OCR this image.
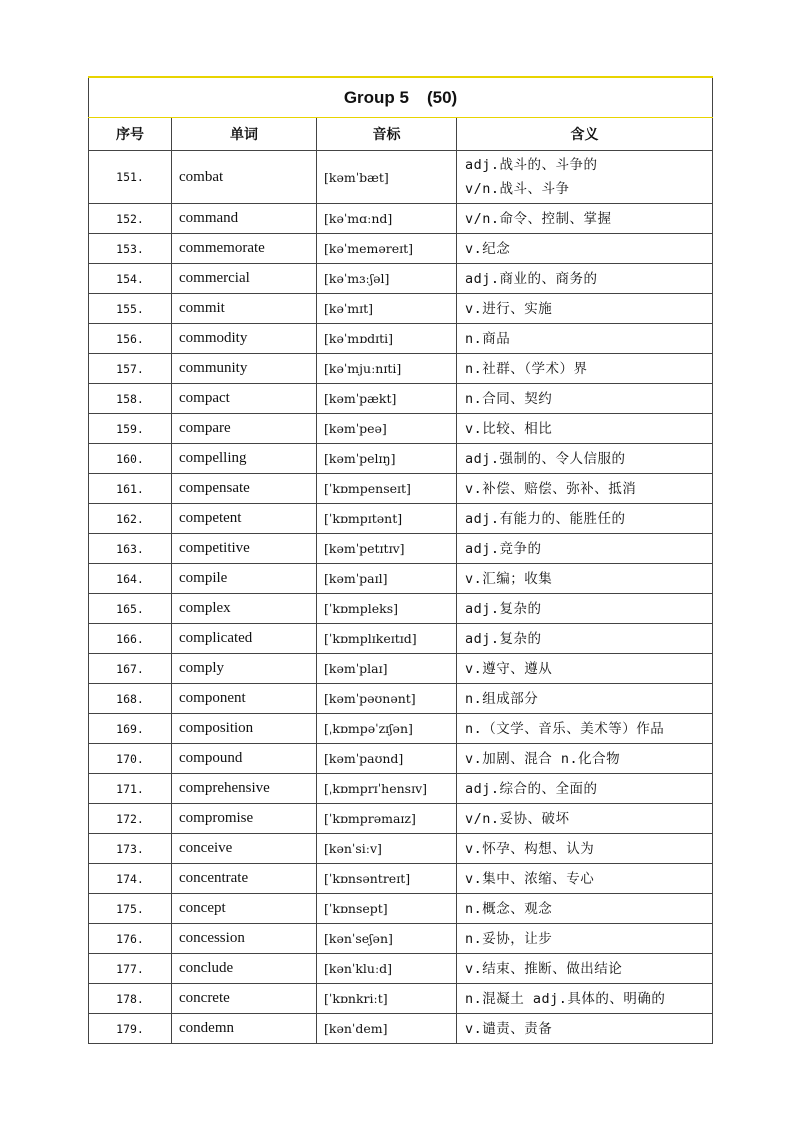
Group 5 (50)			
序号	单词	音标	含义
151.	combat	[kəmˈbæt]	adj.战斗的、斗争的
v/n.战斗、斗争

152.	command	[kəˈmɑːnd]	v/n.命令、控制、掌握

153.	commemorate	[kəˈmeməreɪt]	v.纪念

154.	commercial	[kəˈmɜːʃəl]	adj.商业的、商务的

155.	commit	[kəˈmɪt]	v.进行、实施

156.	commodity	[kəˈmɒdɪti]	n.商品

157.	community	[kəˈmjuːnɪti]	n.社群、（学术）界

158.	compact	[kəmˈpækt]	n.合同、契约

159.	compare	[kəmˈpeə]	v.比较、相比

160.	compelling	[kəmˈpelɪŋ]	adj.强制的、令人信服的

161.	compensate	[ˈkɒmpenseɪt]	v.补偿、赔偿、弥补、抵消

162.	competent	[ˈkɒmpɪtənt]	adj.有能力的、能胜任的

163.	competitive	[kəmˈpetɪtɪv]	adj.竞争的

164.	compile	[kəmˈpaɪl]	v.汇编；收集

165.	complex	[ˈkɒmpleks]	adj.复杂的

166.	complicated	[ˈkɒmplɪkeɪtɪd]	adj.复杂的

167.	comply	[kəmˈplaɪ]	v.遵守、遵从

168.	component	[kəmˈpəʊnənt]	n.组成部分

169.	composition	[ˌkɒmpəˈzɪʃən]	n.（文学、音乐、美术等）作品

170.	compound	[kəmˈpaʊnd]	v.加剧、混合 n.化合物

171.	comprehensive	[ˌkɒmprɪˈhensɪv]	adj.综合的、全面的

172.	compromise	[ˈkɒmprəmaɪz]	v/n.妥协、破坏

173.	conceive	[kənˈsiːv]	v.怀孕、构想、认为

174.	concentrate	[ˈkɒnsəntreɪt]	v.集中、浓缩、专心

175.	concept	[ˈkɒnsept]	n.概念、观念

176.	concession	[kənˈseʃən]	n.妥协，让步

177.	conclude	[kənˈkluːd]	v.结束、推断、做出结论

178.	concrete	[ˈkɒnkriːt]	n.混凝土 adj.具体的、明确的

179.	condemn	[kənˈdem]	v.谴责、责备
